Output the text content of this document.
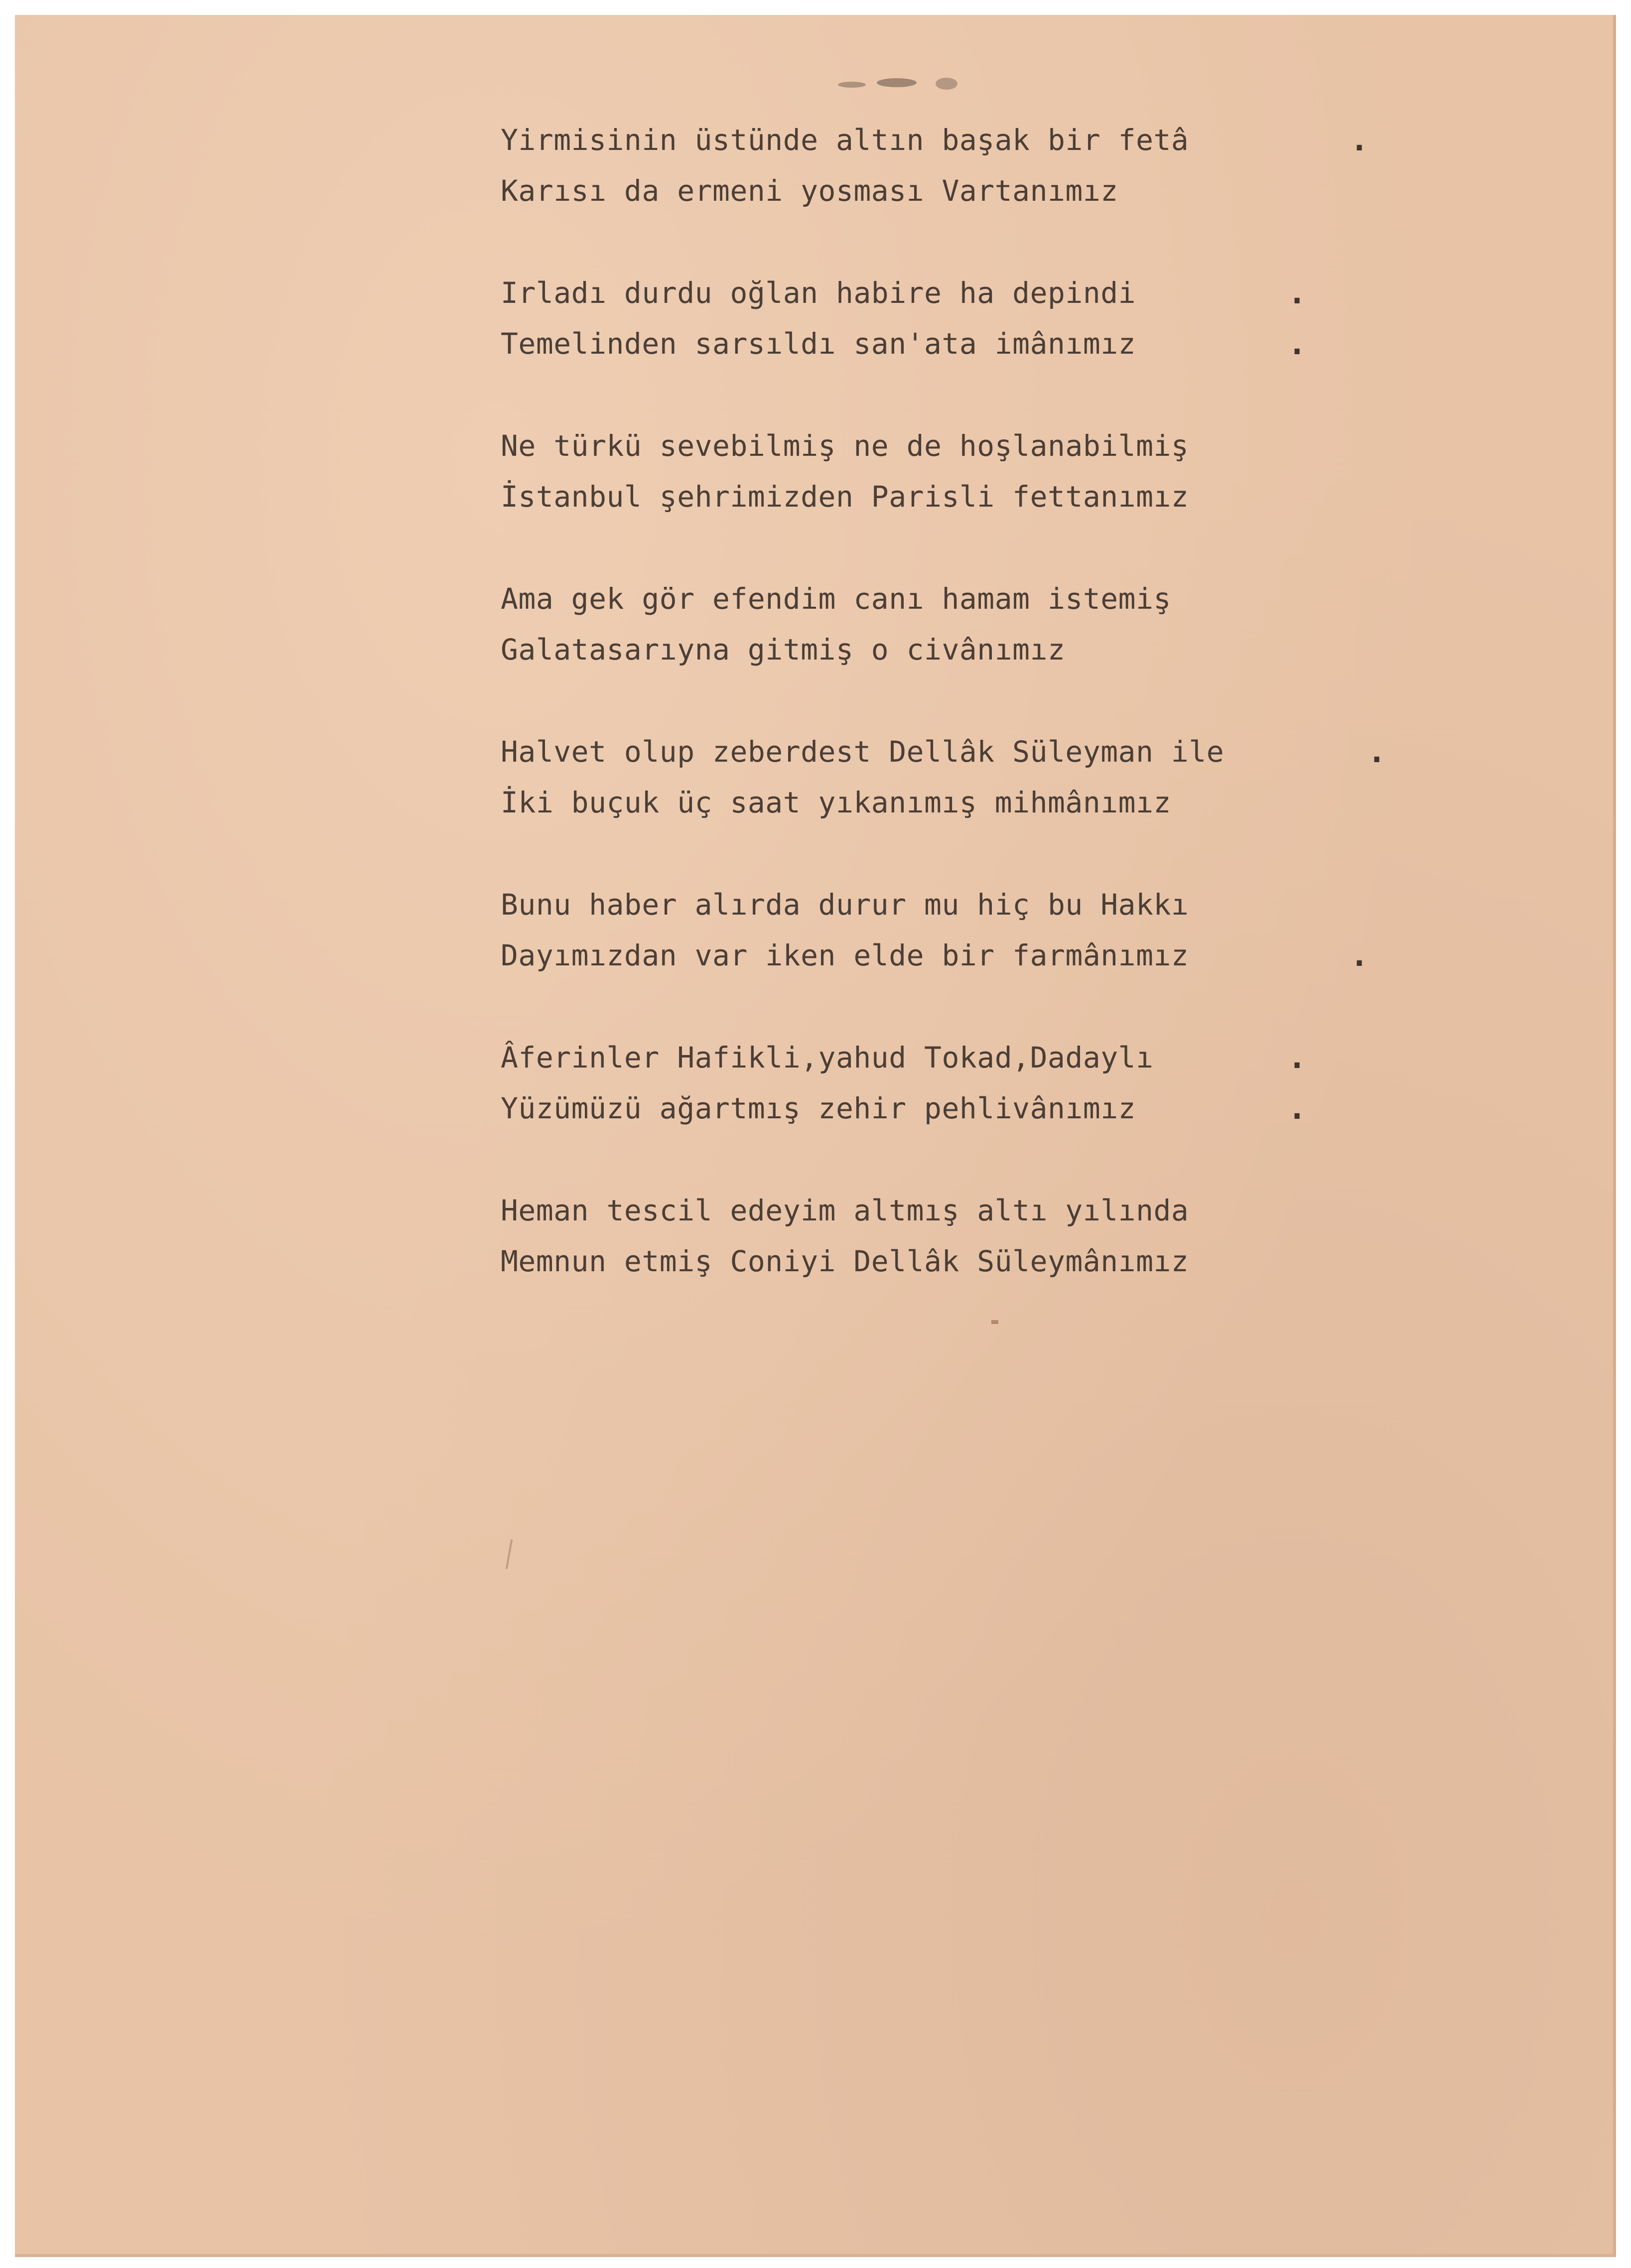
Yirmisinin üstünde altın başak bir fetâ	.
Karısı da ermeni yosması Vartanımız
Irladı durdu oğlan habire ha depindi	.
Temelinden sarsıldı san'ata imânımız	.
Ne türkü sevebilmiş ne de hoşlanabilmiş
İstanbul şehrimizden Parisli fettanımız
Ama gek gör efendim canı hamam istemiş
Galatasarıyna gitmiş o civânımız
Halvet olup zeberdest Dellâk Süleyman ile	.
İki buçuk üç saat yıkanımış mihmânımız
Bunu haber alırda durur mu hiç bu Hakkı
Dayımızdan var iken elde bir farmânımız	.
Âferinler Hafikli,yahud Tokad,Dadaylı	.
Yüzümüzü ağartmış zehir pehlivânımız	.
Heman tescil edeyim altmış altı yılında
Memnun etmiş Coniyi Dellâk Süleymânımız
